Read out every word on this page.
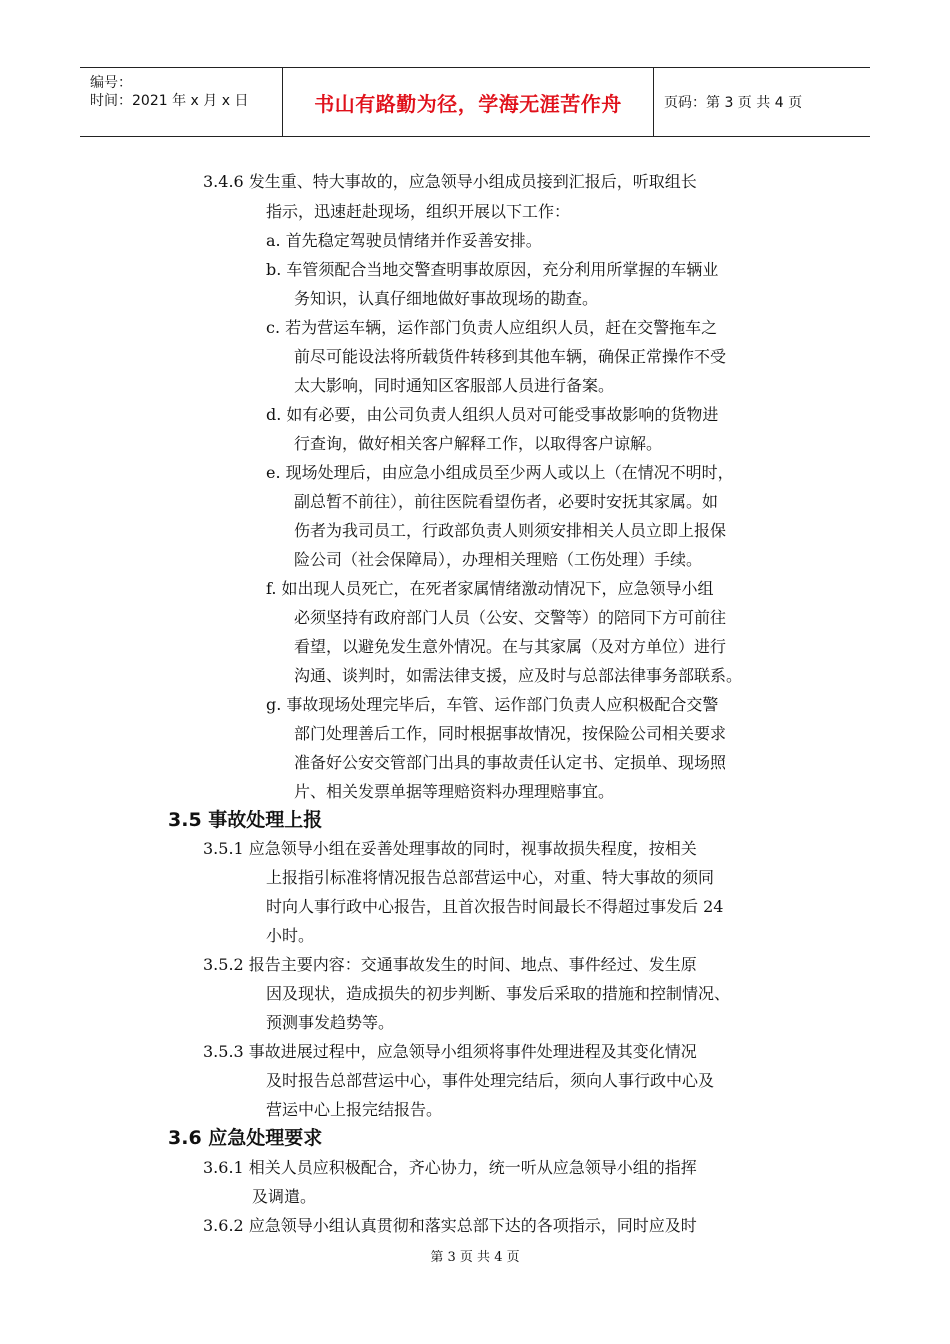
编号：
时间：2021 年 x 月 x 日	书山有路勤为径，学海无涯苦作舟	页码：第 3 页 共 4 页
3.4.6 发生重、特大事故的，应急领导小组成员接到汇报后，听取组长
指示，迅速赶赴现场，组织开展以下工作：
a. 首先稳定驾驶员情绪并作妥善安排。
b. 车管须配合当地交警查明事故原因，充分利用所掌握的车辆业
务知识，认真仔细地做好事故现场的勘查。
c. 若为营运车辆，运作部门负责人应组织人员，赶在交警拖车之
前尽可能设法将所载货件转移到其他车辆，确保正常操作不受
太大影响，同时通知区客服部人员进行备案。
d. 如有必要，由公司负责人组织人员对可能受事故影响的货物进
行查询，做好相关客户解释工作，以取得客户谅解。
e. 现场处理后，由应急小组成员至少两人或以上（在情况不明时，
副总暂不前往），前往医院看望伤者，必要时安抚其家属。如
伤者为我司员工，行政部负责人则须安排相关人员立即上报保
险公司（社会保障局），办理相关理赔（工伤处理）手续。
f. 如出现人员死亡，在死者家属情绪激动情况下，应急领导小组
必须坚持有政府部门人员（公安、交警等）的陪同下方可前往
看望，以避免发生意外情况。在与其家属（及对方单位）进行
沟通、谈判时，如需法律支援，应及时与总部法律事务部联系。
g. 事故现场处理完毕后，车管、运作部门负责人应积极配合交警
部门处理善后工作，同时根据事故情况，按保险公司相关要求
准备好公安交管部门出具的事故责任认定书、定损单、现场照
片、相关发票单据等理赔资料办理理赔事宜。
3.5 事故处理上报
3.5.1 应急领导小组在妥善处理事故的同时，视事故损失程度，按相关
上报指引标准将情况报告总部营运中心，对重、特大事故的须同
时向人事行政中心报告，且首次报告时间最长不得超过事发后 24
小时。
3.5.2 报告主要内容：交通事故发生的时间、地点、事件经过、发生原
因及现状，造成损失的初步判断、事发后采取的措施和控制情况、
预测事发趋势等。
3.5.3 事故进展过程中，应急领导小组须将事件处理进程及其变化情况
及时报告总部营运中心，事件处理完结后，须向人事行政中心及
营运中心上报完结报告。
3.6 应急处理要求
3.6.1 相关人员应积极配合，齐心协力，统一听从应急领导小组的指挥
及调遣。
3.6.2 应急领导小组认真贯彻和落实总部下达的各项指示，同时应及时
第 3 页 共 4 页
